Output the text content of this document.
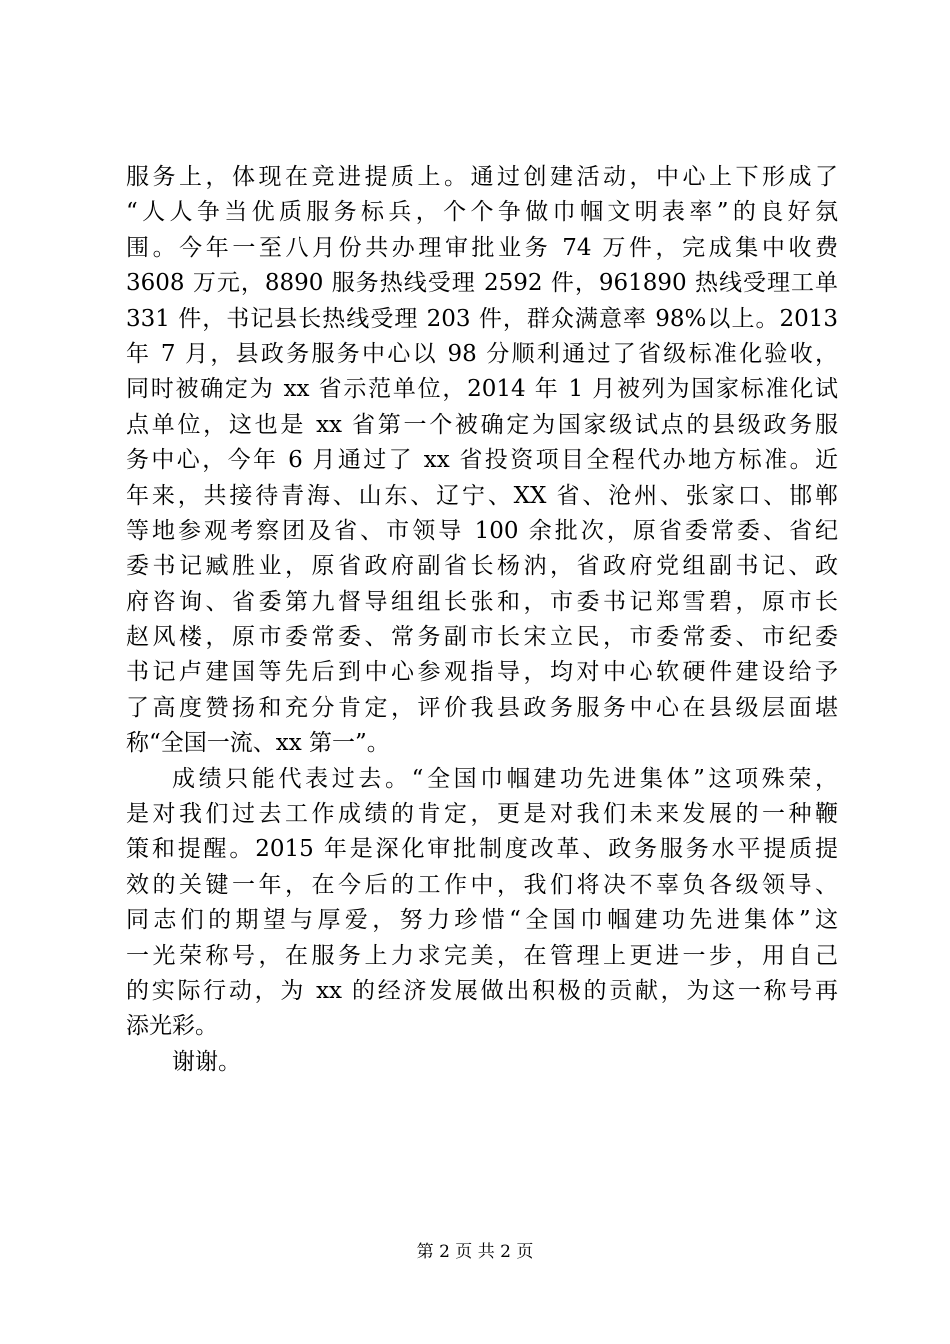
服务上，体现在竞进提质上。通过创建活动，中心上下形成了
“人人争当优质服务标兵，个个争做巾帼文明表率”的良好氛
围。今年一至八月份共办理审批业务 74 万件，完成集中收费
3608 万元，8890 服务热线受理 2592 件，961890 热线受理工单
331 件，书记县长热线受理 203 件，群众满意率 98%以上。2013
年 7 月，县政务服务中心以 98 分顺利通过了省级标准化验收，
同时被确定为 xx 省示范单位，2014 年 1 月被列为国家标准化试
点单位，这也是 xx 省第一个被确定为国家级试点的县级政务服
务中心，今年 6 月通过了 xx 省投资项目全程代办地方标准。近
年来，共接待青海、山东、辽宁、XX 省、沧州、张家口、邯郸
等地参观考察团及省、市领导 100 余批次，原省委常委、省纪
委书记臧胜业，原省政府副省长杨汭，省政府党组副书记、政
府咨询、省委第九督导组组长张和，市委书记郑雪碧，原市长
赵风楼，原市委常委、常务副市长宋立民，市委常委、市纪委
书记卢建国等先后到中心参观指导，均对中心软硬件建设给予
了高度赞扬和充分肯定，评价我县政务服务中心在县级层面堪
称“全国一流、xx 第一”。
成绩只能代表过去。“全国巾帼建功先进集体”这项殊荣，
是对我们过去工作成绩的肯定，更是对我们未来发展的一种鞭
策和提醒。2015 年是深化审批制度改革、政务服务水平提质提
效的关键一年，在今后的工作中，我们将决不辜负各级领导、
同志们的期望与厚爱，努力珍惜“全国巾帼建功先进集体”这
一光荣称号，在服务上力求完美，在管理上更进一步，用自己
的实际行动，为 xx 的经济发展做出积极的贡献，为这一称号再
添光彩。
谢谢。
第 2 页 共 2 页
